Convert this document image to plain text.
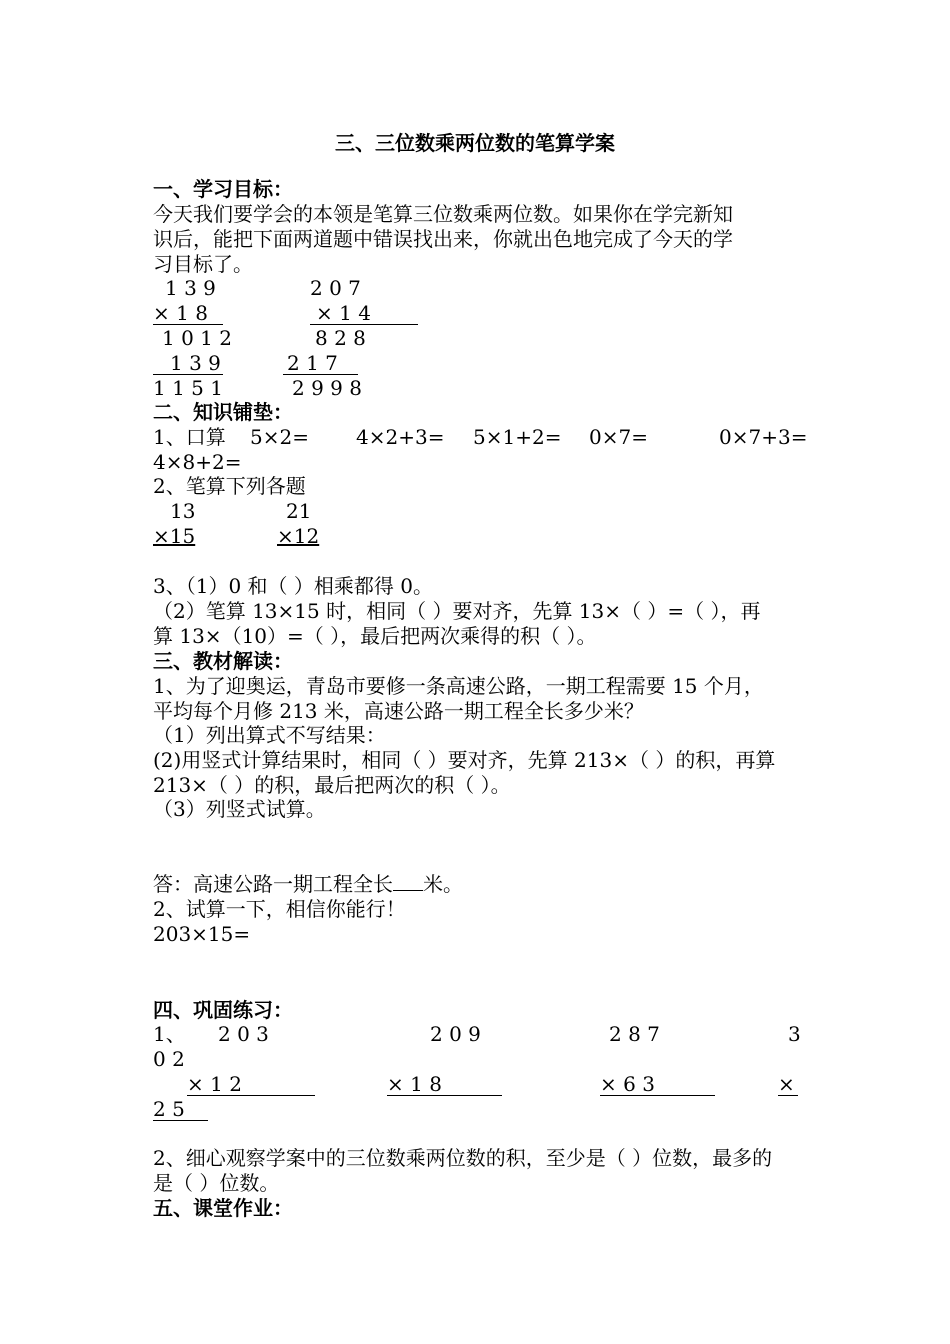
三、三位数乘两位数的笔算学案
一、学习目标：
今天我们要学会的本领是笔算三位数乘两位数。如果你在学完新知
识后，能把下面两道题中错误找出来，你就出色地完成了今天的学
习目标了。
1 3 9
× 1 8
1 0 1 2
1 3 9
1 1 5 1
2 0 7
× 1 4
8 2 8
2 1 7
2 9 9 8
二、知识铺垫：
1、口算 5×2= 4×2+3= 5×1+2= 0×7=	0×7+3=
4×8+2=
2、笔算下列各题
13
×15
21
×12
3、（1）0 和（ ）相乘都得 0。
（2）笔算 13×15 时，相同（ ）要对齐，先算 13×（ ）=（ ），再
算 13×（10）=（ ），最后把两次乘得的积（ ）。
三、教材解读：
1、为了迎奥运，青岛市要修一条高速公路，一期工程需要 15 个月，
平均每个月修 213 米，高速公路一期工程全长多少米？
（1）列出算式不写结果：
(2)用竖式计算结果时，相同（ ）要对齐，先算 213×（ ）的积，再算
213×（ ）的积，最后把两次的积（ ）。
（3）列竖式试算。
答：高速公路一期工程全长 米。
2、试算一下，相信你能行！
203×15=
四、巩固练习：
1、 2 0 3	2 0 9	2 8 7	3
0 2
× 1 2	× 1 8	× 6 3	×
2 5
2、细心观察学案中的三位数乘两位数的积，至少是（ ）位数，最多的
是（ ）位数。
五、课堂作业：
